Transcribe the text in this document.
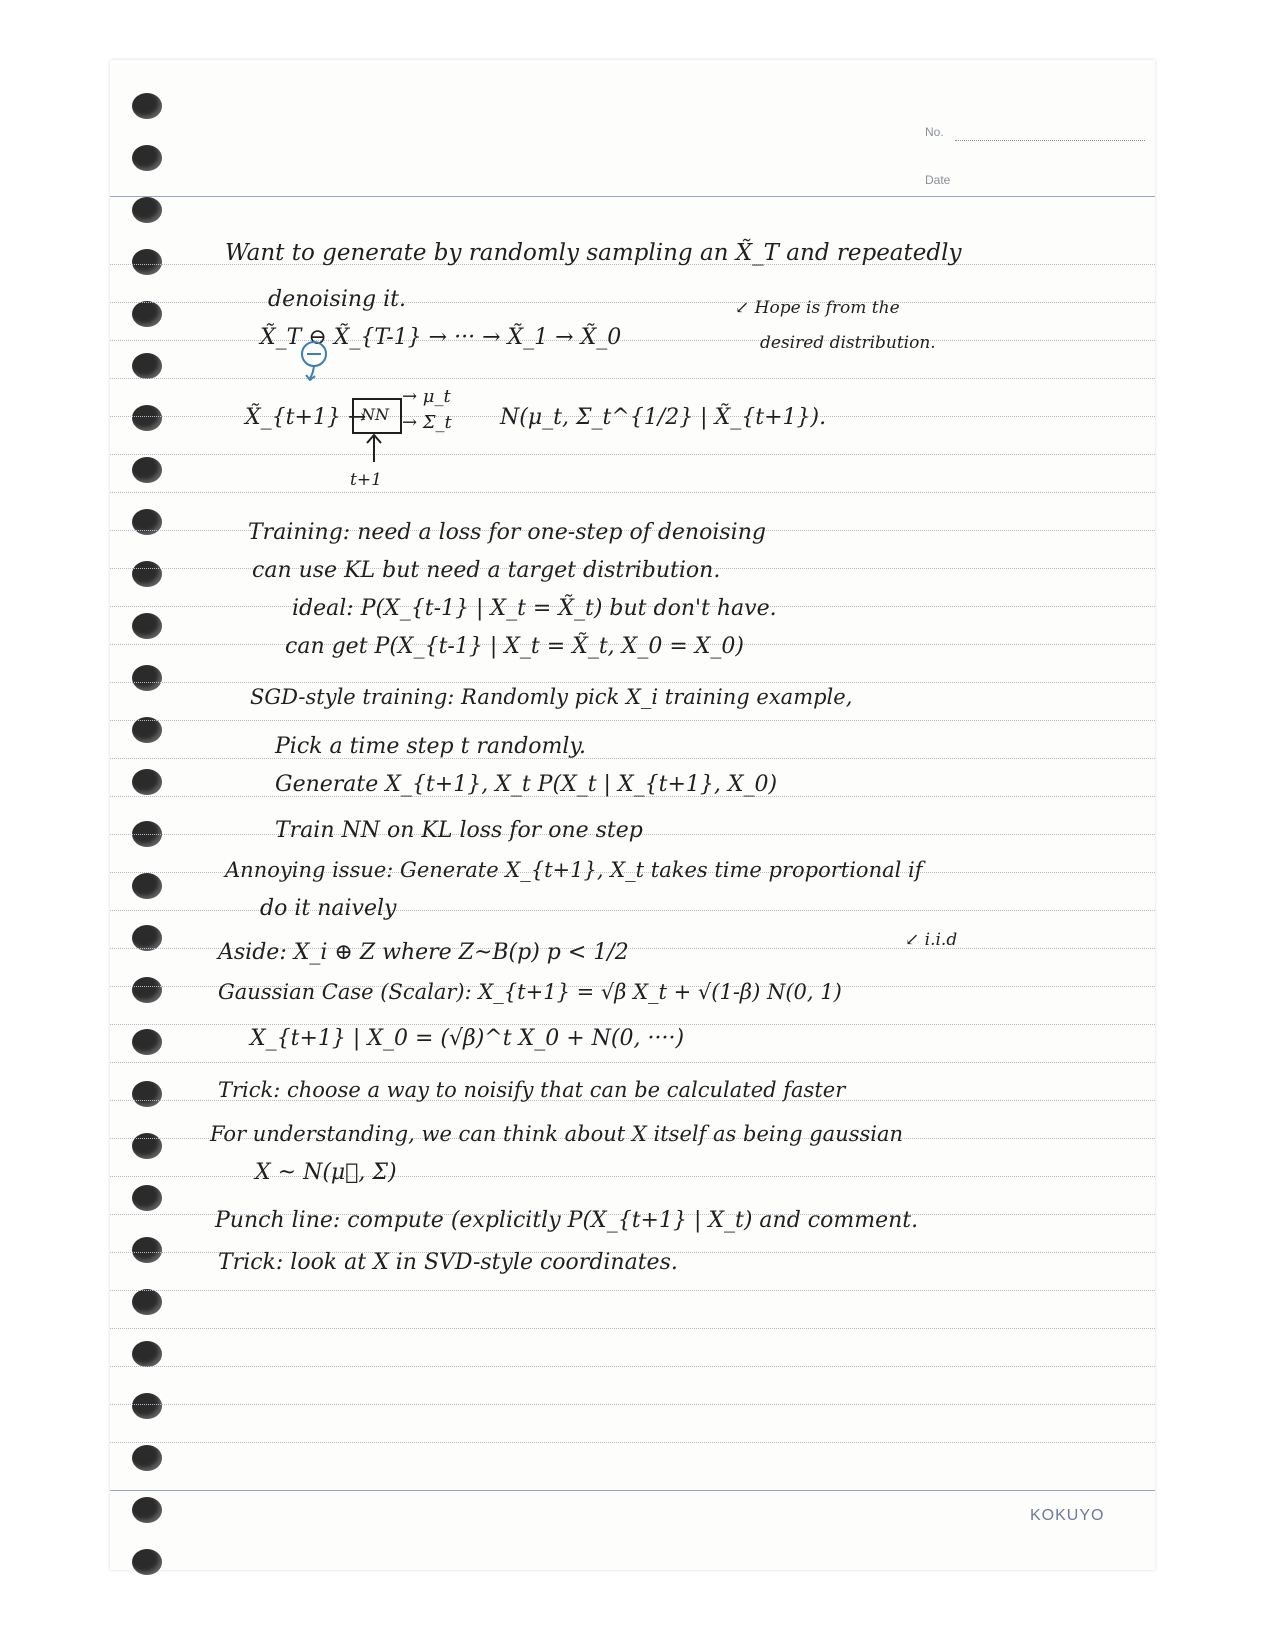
No.
Date
Want to generate by randomly sampling an X̃_T and repeatedly
denoising it.
X̃_T ⊖ X̃_{T-1} → ··· → X̃_1 → X̃_0
↙ Hope is from the
desired distribution.
X̃_{t+1} →
NN
→ μ_t
→ Σ_t N(μ_t, Σ_t^{1/2} | X̃_{t+1}).
t+1
Training: need a loss for one-step of denoising
can use KL but need a target distribution.
ideal: P(X_{t-1} | X_t = X̃_t) but don't have.
can get P(X_{t-1} | X_t = X̃_t, X_0 = X_0)
SGD-style training: Randomly pick X_i training example,
Pick a time step t randomly.
Generate X_{t+1}, X_t P(X_t | X_{t+1}, X_0)
Train NN on KL loss for one step
Annoying issue: Generate X_{t+1}, X_t takes time proportional if
do it naively
Aside: X_i ⊕ Z where Z~B(p) p < 1/2	↙ i.i.d
Gaussian Case (Scalar): X_{t+1} = √β X_t + √(1-β) N(0, 1)
X_{t+1} | X_0 = (√β)^t X_0 + N(0, ····)
Trick: choose a way to noisify that can be calculated faster
For understanding, we can think about X itself as being gaussian
X ~ N(μ⃗, Σ)
Punch line: compute (explicitly P(X_{t+1} | X_t) and comment.
Trick: look at X in SVD-style coordinates.
KOKUYO
